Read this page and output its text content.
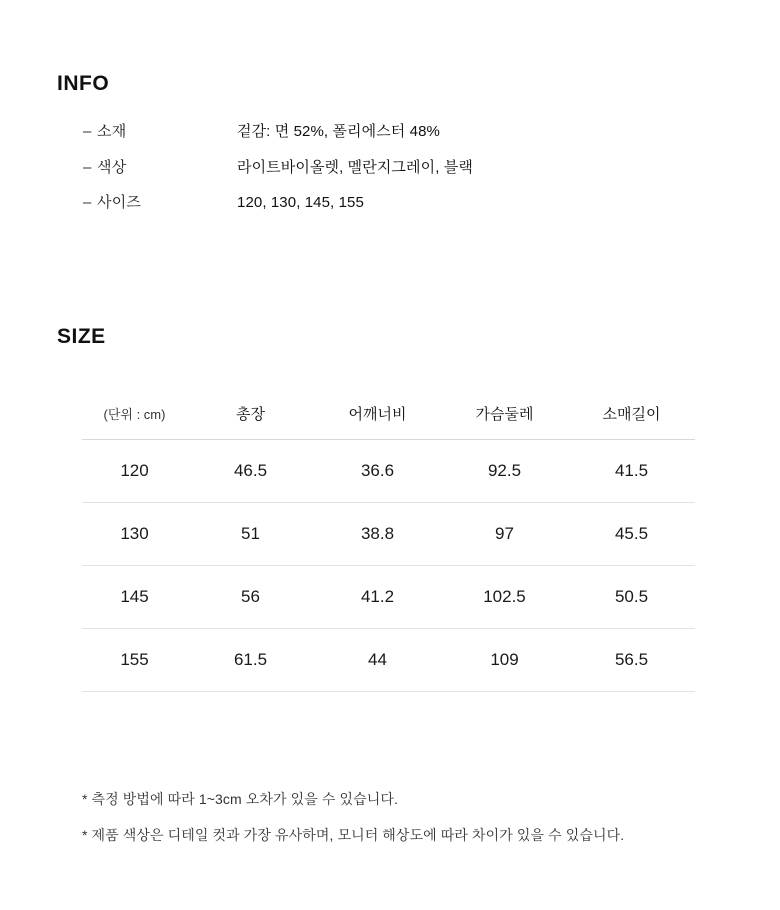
INFO
– 소재	겉감: 면 52%, 폴리에스터 48%
– 색상	라이트바이올렛, 멜란지그레이, 블랙
– 사이즈	120, 130, 145, 155
SIZE
(단위 : cm)	총장	어깨너비	가슴둘레	소매길이
120	46.5	36.6	92.5	41.5
130	51	38.8	97	45.5
145	56	41.2	102.5	50.5
155	61.5	44	109	56.5

* 측정 방법에 따라 1~3cm 오차가 있을 수 있습니다.

* 제품 색상은 디테일 컷과 가장 유사하며, 모니터 해상도에 따라 차이가 있을 수 있습니다.
